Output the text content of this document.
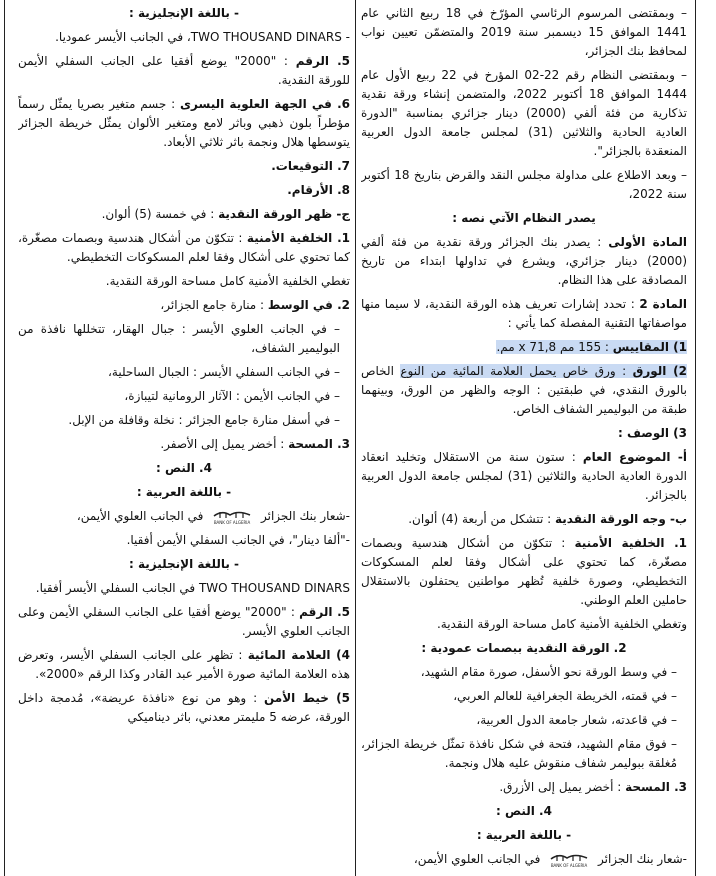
– وبمقتضى المرسوم الرئاسي المؤرّخ في 18 ربيع الثاني عام 1441 الموافق 15 ديسمبر سنة 2019 والمتضمّن تعيين نواب لمحافظ بنك الجزائر،

– وبمقتضى النظام رقم 22-02 المؤرخ في 22 ربيع الأول عام 1444 الموافق 18 أكتوبر 2022، والمتضمن إنشاء ورقة نقدية تذكارية من فئة ألفي (2000) دينار جزائري بمناسبة "الدورة العادية الحادية والثلاثين (31) لمجلس جامعة الدول العربية المنعقدة بالجزائر".

– وبعد الاطلاع على مداولة مجلس النقد والقرض بتاريخ 18 أكتوبر سنة 2022،

يصدر النظام الآتي نصه :

المادة الأولى : يصدر بنك الجزائر ورقة نقدية من فئة ألفي (2000) دينار جزائري، ويشرع في تداولها ابتداء من تاريخ المصادقة على هذا النظام.

المادة 2 : تحدد إشارات تعريف هذه الورقة النقدية، لا سيما منها مواصفاتها التقنية المفصلة كما يأتي :

1) المقاييس : 155 مم x 71,8 مم.

2) الورق : ورق خاص يحمل العلامة المائية من النوع الخاص بالورق النقدي، في طبقتين : الوجه والظهر من الورق، وبينهما طبقة من البوليمير الشفاف الخاص.

3) الوصف :

أ- الموضوع العام : ستون سنة من الاستقلال وتخليد انعقاد الدورة العادية الحادية والثلاثين (31) لمجلس جامعة الدول العربية بالجزائر.

ب- وجه الورقة النقدية : تتشكل من أربعة (4) ألوان.

1. الخلفية الأمنية : تتكوّن من أشكال هندسية وبصمات مصغّرة، كما تحتوي على أشكال وفقا لعلم المسكوكات التخطيطي، وصورة خلفية تُظهر مواطنين يحتفلون بالاستقلال حاملين العلم الوطني.

وتغطي الخلفية الأمنية كامل مساحة الورقة النقدية.

2. الورقة النقدية ببصمات عمودية :

– في وسط الورقة نحو الأسفل، صورة مقام الشهيد،

– في قمته، الخريطة الجغرافية للعالم العربي،

– في قاعدته، شعار جامعة الدول العربية،

– فوق مقام الشهيد، فتحة في شكل نافذة تمثّل خريطة الجزائر، مُغلقة ببوليمر شفاف منقوش عليه هلال ونجمة.

3. المسحة : أخضر يميل إلى الأزرق.

4. النص :

- باللغة العربية :

-شعار بنك الجزائر
BANK OF ALGERIA
في الجانب العلوي الأيمن،

- باللغة الإنجليزية :

- TWO THOUSAND DINARS، في الجانب الأيسر عموديا.

5. الرقم : "2000" يوضع أفقيا على الجانب السفلي الأيمن للورقة النقدية.

6. في الجهة العلوية اليسرى : جسم متغير بصريا يمثّل رسماً مؤطراً بلون ذهبي وباثر لامع ومتغير الألوان يمثّل خريطة الجزائر يتوسطها هلال ونجمة باثر ثلاثي الأبعاد.

7. التوقيعات.

8. الأرقام.

ج- ظهر الورقة النقدية : في خمسة (5) ألوان.

1. الخلفية الأمنية : تتكوّن من أشكال هندسية وبصمات مصغّرة، كما تحتوي على أشكال وفقا لعلم المسكوكات التخطيطي.

تغطي الخلفية الأمنية كامل مساحة الورقة النقدية.

2. في الوسط : منارة جامع الجزائر،

– في الجانب العلوي الأيسر : جبال الهقار، تتخللها نافذة من البوليمير الشفاف،

– في الجانب السفلي الأيسر : الجبال الساحلية،

– في الجانب الأيمن : الآثار الرومانية لتيبازة،

– في أسفل منارة جامع الجزائر : نخلة وقافلة من الإبل.

3. المسحة : أخضر يميل إلى الأصفر.

4. النص :

- باللغة العربية :

-شعار بنك الجزائر
BANK OF ALGERIA
في الجانب العلوي الأيمن،

-"ألفا دينار"، في الجانب السفلي الأيمن أفقيا.

- باللغة الإنجليزية :

TWO THOUSAND DINARS في الجانب السفلي الأيسر أفقيا.

5. الرقم : "2000" يوضع أفقيا على الجانب السفلي الأيمن وعلى الجانب العلوي الأيسر.

4) العلامة المائية : تظهر على الجانب السفلي الأيسر، وتعرض هذه العلامة المائية صورة الأمير عبد القادر وكذا الرقم «2000».

5) خيط الأمن : وهو من نوع «نافذة عريضة»، مُدمجة داخل الورقة، عرضه 5 مليمتر معدني، باثر ديناميكي
